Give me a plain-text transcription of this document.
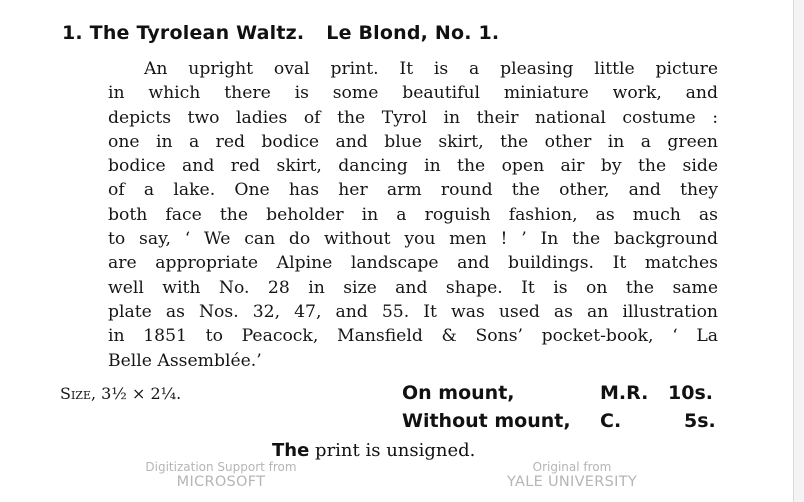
1. The Tyrolean Waltz. Le Blond, No. 1.
An upright oval print. It is a pleasing little picture
in which there is some beautiful miniature work, and
depicts two ladies of the Tyrol in their national costume :
one in a red bodice and blue skirt, the other in a green
bodice and red skirt, dancing in the open air by the side
of a lake. One has her arm round the other, and they
both face the beholder in a roguish fashion, as much as
to say, ‘ We can do without you men ! ’ In the background
are appropriate Alpine landscape and buildings. It matches
well with No. 28 in size and shape. It is on the same
plate as Nos. 32, 47, and 55. It was used as an illustration
in 1851 to Peacock, Mansfield & Sons’ pocket-book, ‘ La
Belle Assemblée.’
Size, 3½ × 2¼.	On mount,	M.R. 10s.
Without mount, C.	5s.
The print is unsigned.
Digitization Support from
MICROSOFT
Original from
YALE UNIVERSITY
